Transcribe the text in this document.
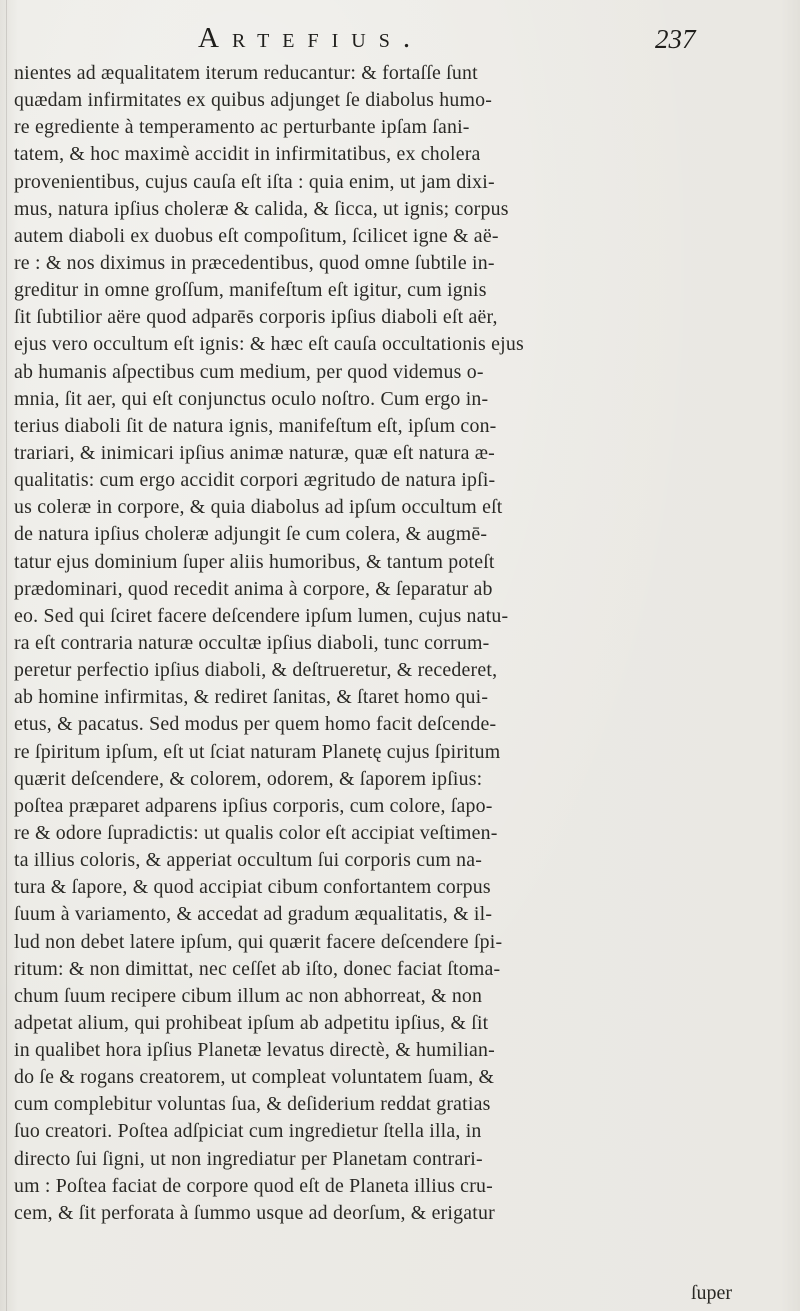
Artefius.	237
nientes ad æqualitatem iterum reducantur: & fortaſſe ſunt
quædam infirmitates ex quibus adjunget ſe diabolus humo-
re egrediente à temperamento ac perturbante ipſam ſani-
tatem, & hoc maximè accidit in infirmitatibus, ex cholera
provenientibus, cujus cauſa eſt iſta : quia enim, ut jam dixi-
mus, natura ipſius choleræ & calida, & ſicca, ut ignis; corpus
autem diaboli ex duobus eſt compoſitum, ſcilicet igne & aë-
re : & nos diximus in præcedentibus, quod omne ſubtile in-
greditur in omne groſſum, manifeſtum eſt igitur, cum ignis
ſit ſubtilior aëre quod adparēs corporis ipſius diaboli eſt aër,
ejus vero occultum eſt ignis: & hæc eſt cauſa occultationis ejus
ab humanis aſpectibus cum medium, per quod videmus o-
mnia, ſit aer, qui eſt conjunctus oculo noſtro. Cum ergo in-
terius diaboli ſit de natura ignis, manifeſtum eſt, ipſum con-
trariari, & inimicari ipſius animæ naturæ, quæ eſt natura æ-
qualitatis: cum ergo accidit corpori ægritudo de natura ipſi-
us coleræ in corpore, & quia diabolus ad ipſum occultum eſt
de natura ipſius choleræ adjungit ſe cum colera, & augmē-
tatur ejus dominium ſuper aliis humoribus, & tantum poteſt
prædominari, quod recedit anima à corpore, & ſeparatur ab
eo. Sed qui ſciret facere deſcendere ipſum lumen, cujus natu-
ra eſt contraria naturæ occultæ ipſius diaboli, tunc corrum-
peretur perfectio ipſius diaboli, & deſtrueretur, & recederet,
ab homine infirmitas, & rediret ſanitas, & ſtaret homo qui-
etus, & pacatus. Sed modus per quem homo facit deſcende-
re ſpiritum ipſum, eſt ut ſciat naturam Planetę cujus ſpiritum
quærit deſcendere, & colorem, odorem, & ſaporem ipſius:
poſtea præparet adparens ipſius corporis, cum colore, ſapo-
re & odore ſupradictis: ut qualis color eſt accipiat veſtimen-
ta illius coloris, & apperiat occultum ſui corporis cum na-
tura & ſapore, & quod accipiat cibum confortantem corpus
ſuum à variamento, & accedat ad gradum æqualitatis, & il-
lud non debet latere ipſum, qui quærit facere deſcendere ſpi-
ritum: & non dimittat, nec ceſſet ab iſto, donec faciat ſtoma-
chum ſuum recipere cibum illum ac non abhorreat, & non
adpetat alium, qui prohibeat ipſum ab adpetitu ipſius, & ſit
in qualibet hora ipſius Planetæ levatus directè, & humilian-
do ſe & rogans creatorem, ut compleat voluntatem ſuam, &
cum complebitur voluntas ſua, & deſiderium reddat gratias
ſuo creatori. Poſtea adſpiciat cum ingredietur ſtella illa, in
directo ſui ſigni, ut non ingrediatur per Planetam contrari-
um : Poſtea faciat de corpore quod eſt de Planeta illius cru-
cem, & ſit perforata à ſummo usque ad deorſum, & erigatur
ſuper
